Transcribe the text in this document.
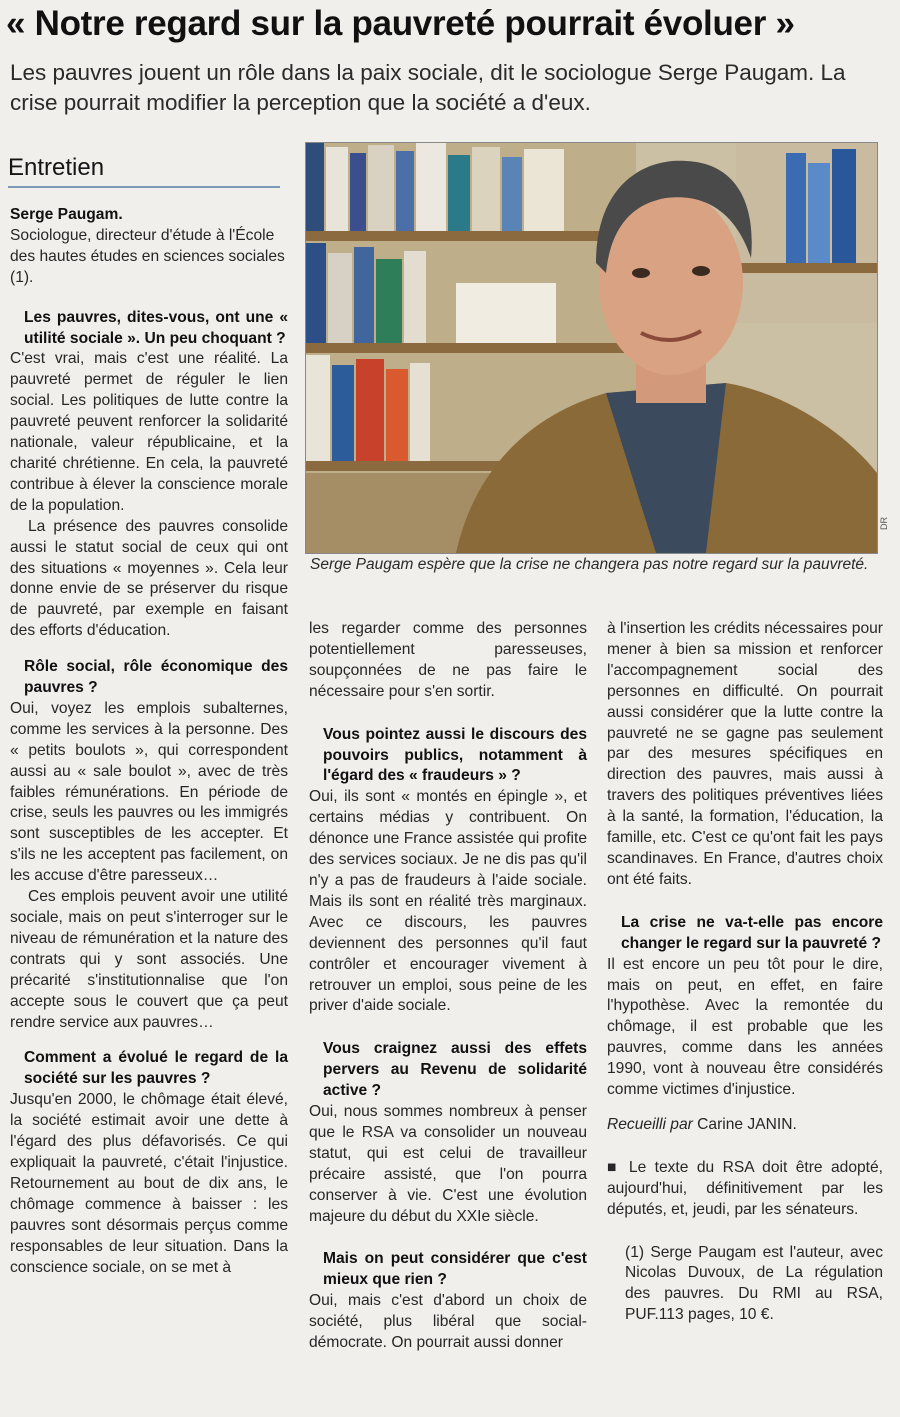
« Notre regard sur la pauvreté pourrait évoluer »
Les pauvres jouent un rôle dans la paix sociale, dit le sociologue Serge Paugam. La crise pourrait modifier la perception que la société a d'eux.
Entretien
DR
Serge Paugam espère que la crise ne changera pas notre regard sur la pauvreté.

Serge Paugam.

Sociologue, directeur d'étude à l'École des hautes études en sciences sociales (1).

Les pauvres, dites-vous, ont une « utilité sociale ». Un peu choquant ?

C'est vrai, mais c'est une réalité. La pauvreté permet de réguler le lien social. Les politiques de lutte contre la pauvreté peuvent renforcer la solidarité nationale, valeur républicaine, et la charité chrétienne. En cela, la pauvreté contribue à élever la conscience morale de la population.

La présence des pauvres consolide aussi le statut social de ceux qui ont des situations « moyennes ». Cela leur donne envie de se préserver du risque de pauvreté, par exemple en faisant des efforts d'éducation.

Rôle social, rôle économique des pauvres ?

Oui, voyez les emplois subalternes, comme les services à la personne. Des « petits boulots », qui correspondent aussi au « sale boulot », avec de très faibles rémunérations. En période de crise, seuls les pauvres ou les immigrés sont susceptibles de les accepter. Et s'ils ne les acceptent pas facilement, on les accuse d'être paresseux…

Ces emplois peuvent avoir une utilité sociale, mais on peut s'interroger sur le niveau de rémunération et la nature des contrats qui y sont associés. Une précarité s'institutionnalise que l'on accepte sous le couvert que ça peut rendre service aux pauvres…

Comment a évolué le regard de la société sur les pauvres ?

Jusqu'en 2000, le chômage était élevé, la société estimait avoir une dette à l'égard des plus défavorisés. Ce qui expliquait la pauvreté, c'était l'injustice. Retournement au bout de dix ans, le chômage commence à baisser : les pauvres sont désormais perçus comme responsables de leur situation. Dans la conscience sociale, on se met à

les regarder comme des personnes potentiellement paresseuses, soupçonnées de ne pas faire le nécessaire pour s'en sortir.

Vous pointez aussi le discours des pouvoirs publics, notamment à l'égard des « fraudeurs » ?

Oui, ils sont « montés en épingle », et certains médias y contribuent. On dénonce une France assistée qui profite des services sociaux. Je ne dis pas qu'il n'y a pas de fraudeurs à l'aide sociale. Mais ils sont en réalité très marginaux. Avec ce discours, les pauvres deviennent des personnes qu'il faut contrôler et encourager vivement à retrouver un emploi, sous peine de les priver d'aide sociale.

Vous craignez aussi des effets pervers au Revenu de solidarité active ?

Oui, nous sommes nombreux à penser que le RSA va consolider un nouveau statut, qui est celui de travailleur précaire assisté, que l'on pourra conserver à vie. C'est une évolution majeure du début du XXIe siècle.

Mais on peut considérer que c'est mieux que rien ?

Oui, mais c'est d'abord un choix de société, plus libéral que social-démocrate. On pourrait aussi donner

à l'insertion les crédits nécessaires pour mener à bien sa mission et renforcer l'accompagnement social des personnes en difficulté. On pourrait aussi considérer que la lutte contre la pauvreté ne se gagne pas seulement par des mesures spécifiques en direction des pauvres, mais aussi à travers des politiques préventives liées à la santé, la formation, l'éducation, la famille, etc. C'est ce qu'ont fait les pays scandinaves. En France, d'autres choix ont été faits.

La crise ne va-t-elle pas encore changer le regard sur la pauvreté ?

Il est encore un peu tôt pour le dire, mais on peut, en effet, en faire l'hypothèse. Avec la remontée du chômage, il est probable que les pauvres, comme dans les années 1990, vont à nouveau être considérés comme victimes d'injustice.

Recueilli par Carine JANIN.

■ Le texte du RSA doit être adopté, aujourd'hui, définitivement par les députés, et, jeudi, par les sénateurs.

(1) Serge Paugam est l'auteur, avec Nicolas Duvoux, de La régulation des pauvres. Du RMI au RSA, PUF.113 pages, 10 €.
